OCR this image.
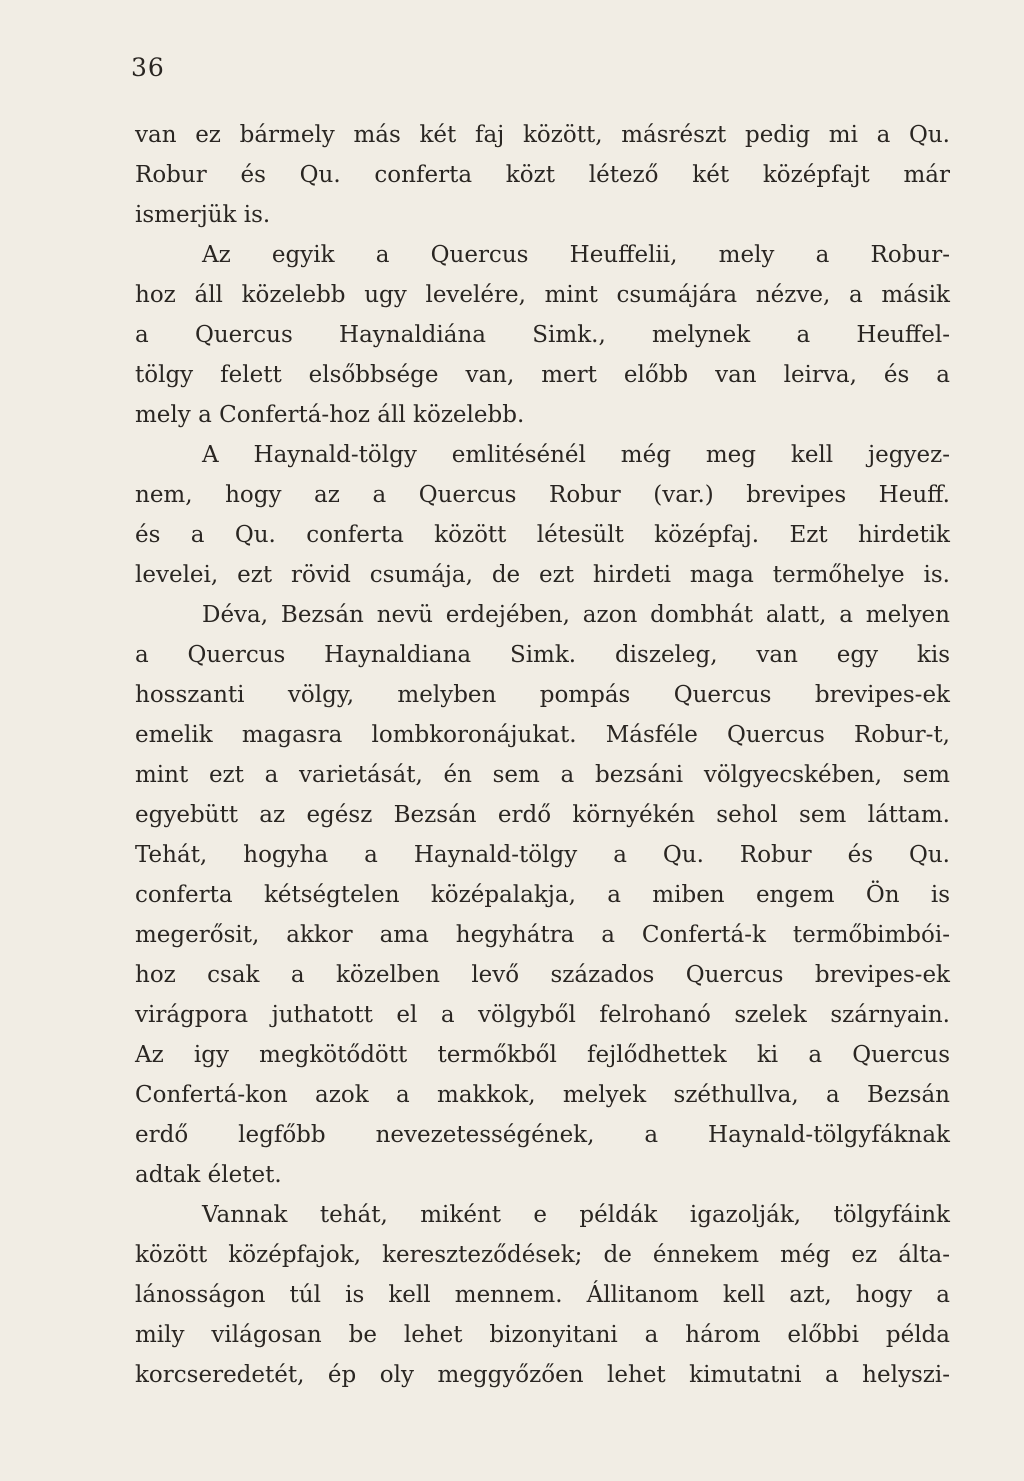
36
van ez bármely más két faj között, másrészt pedig mi a Qu.
Robur és Qu. conferta közt létező két középfajt már
ismerjük is.
Az egyik a Quercus Heuffelii, mely a Robur-
hoz áll közelebb ugy levelére, mint csumájára nézve, a másik
a Quercus Haynaldiána Simk., melynek a Heuffel-
tölgy felett elsőbbsége van, mert előbb van leirva, és a
mely a Confertá-hoz áll közelebb.
A Haynald-tölgy emlitésénél még meg kell jegyez-
nem, hogy az a Quercus Robur (var.) brevipes Heuff.
és a Qu. conferta között létesült középfaj. Ezt hirdetik
levelei, ezt rövid csumája, de ezt hirdeti maga termőhelye is.
Déva, Bezsán nevü erdejében, azon dombhát alatt, a melyen
a Quercus Haynaldiana Simk. diszeleg, van egy kis
hosszanti völgy, melyben pompás Quercus brevipes-ek
emelik magasra lombkoronájukat. Másféle Quercus Robur-t,
mint ezt a varietását, én sem a bezsáni völgyecskében, sem
egyebütt az egész Bezsán erdő környékén sehol sem láttam.
Tehát, hogyha a Haynald-tölgy a Qu. Robur és Qu.
conferta kétségtelen középalakja, a miben engem Ön is
megerősit, akkor ama hegyhátra a Confertá-k termőbimbói-
hoz csak a közelben levő százados Quercus brevipes-ek
virágpora juthatott el a völgyből felrohanó szelek szárnyain.
Az igy megkötődött termőkből fejlődhettek ki a Quercus
Confertá-kon azok a makkok, melyek széthullva, a Bezsán
erdő legfőbb nevezetességének, a Haynald-tölgyfáknak
adtak életet.
Vannak tehát, miként e példák igazolják, tölgyfáink
között középfajok, kereszteződések; de énnekem még ez álta-
lánosságon túl is kell mennem. Állitanom kell azt, hogy a
mily világosan be lehet bizonyitani a három előbbi példa
korcseredetét, ép oly meggyőzően lehet kimutatni a helyszi-
